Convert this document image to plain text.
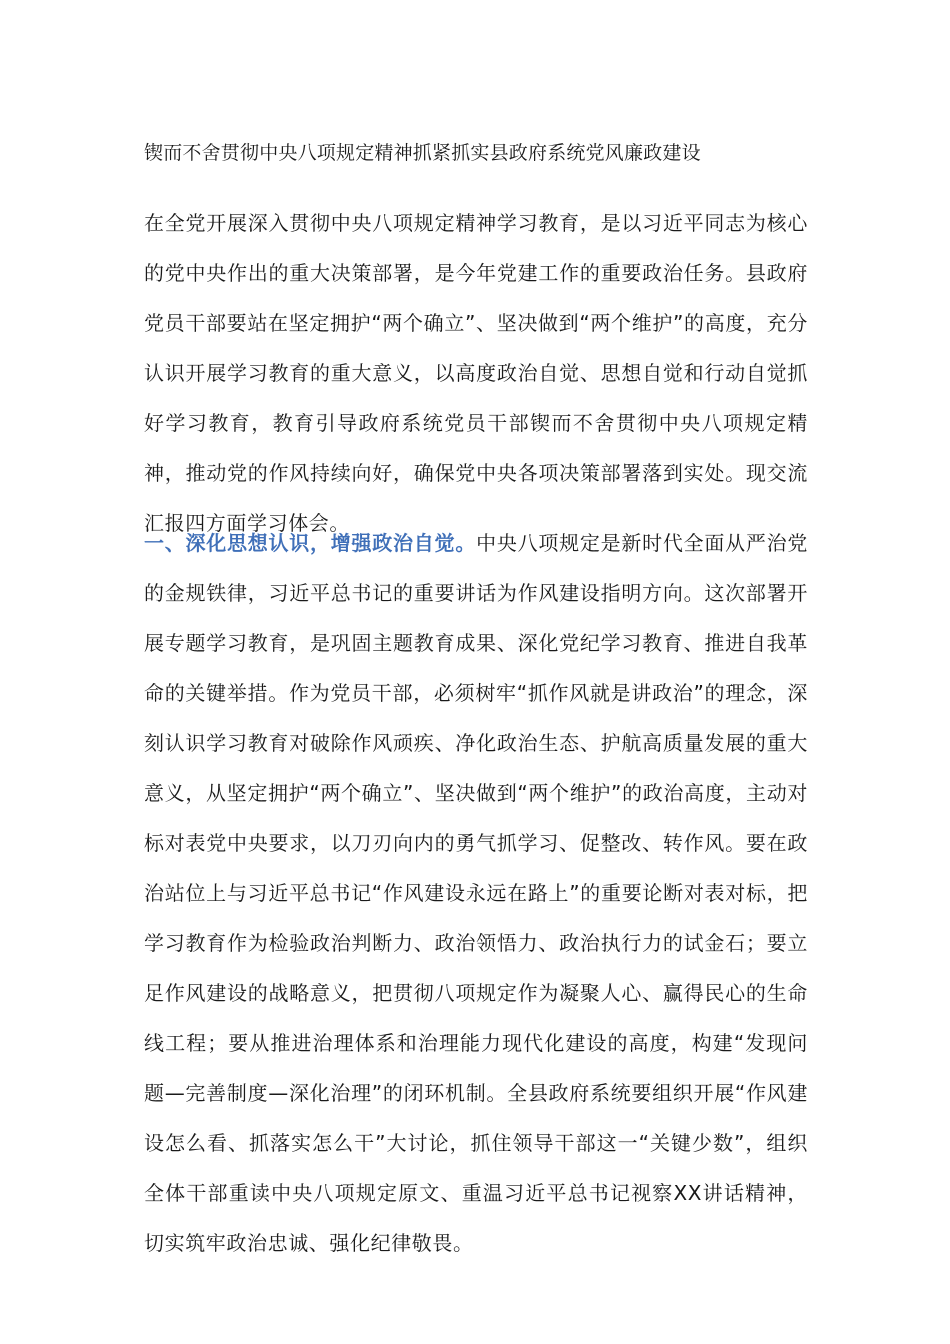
锲而不舍贯彻中央八项规定精神抓紧抓实县政府系统党风廉政建设

在全党开展深入贯彻中央八项规定精神学习教育，是以习近平同志为核心的党中央作出的重大决策部署，是今年党建工作的重要政治任务。县政府党员干部要站在坚定拥护“两个确立”、坚决做到“两个维护”的高度，充分认识开展学习教育的重大意义，以高度政治自觉、思想自觉和行动自觉抓好学习教育，教育引导政府系统党员干部锲而不舍贯彻中央八项规定精神，推动党的作风持续向好，确保党中央各项决策部署落到实处。现交流汇报四方面学习体会。

一、深化思想认识，增强政治自觉。中央八项规定是新时代全面从严治党的金规铁律，习近平总书记的重要讲话为作风建设指明方向。这次部署开展专题学习教育，是巩固主题教育成果、深化党纪学习教育、推进自我革命的关键举措。作为党员干部，必须树牢“抓作风就是讲政治”的理念，深刻认识学习教育对破除作风顽疾、净化政治生态、护航高质量发展的重大意义，从坚定拥护“两个确立”、坚决做到“两个维护”的政治高度，主动对标对表党中央要求，以刀刃向内的勇气抓学习、促整改、转作风。要在政治站位上与习近平总书记“作风建设永远在路上”的重要论断对表对标，把学习教育作为检验政治判断力、政治领悟力、政治执行力的试金石；要立足作风建设的战略意义，把贯彻八项规定作为凝聚人心、赢得民心的生命线工程；要从推进治理体系和治理能力现代化建设的高度，构建“发现问题—完善制度—深化治理”的闭环机制。全县政府系统要组织开展“作风建设怎么看、抓落实怎么干”大讨论，抓住领导干部这一“关键少数”，组织全体干部重读中央八项规定原文、重温习近平总书记视察XX讲话精神，切实筑牢政治忠诚、强化纪律敬畏。
